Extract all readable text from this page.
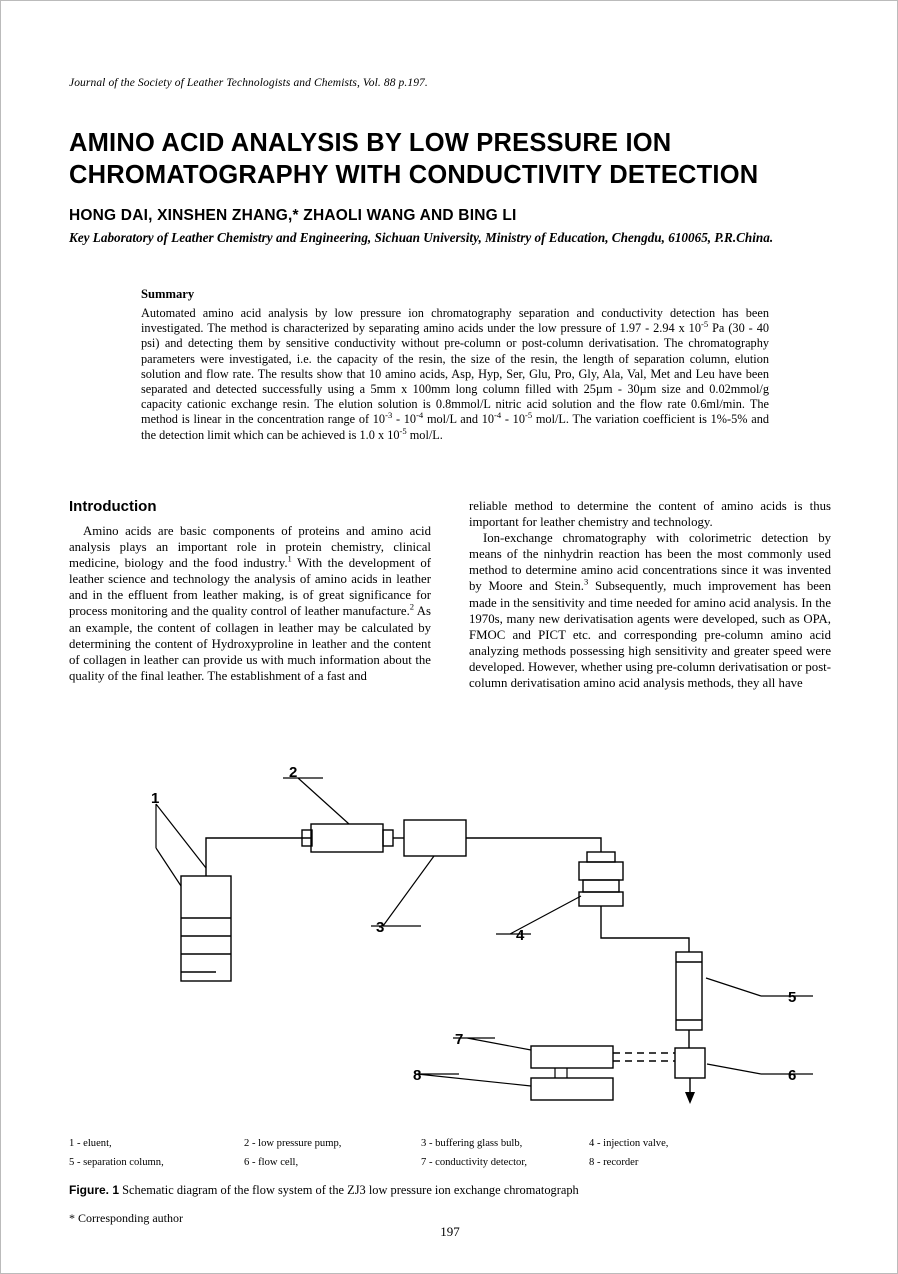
Journal of the Society of Leather Technologists and Chemists, Vol. 88 p.197.
AMINO ACID ANALYSIS BY LOW PRESSURE ION
CHROMATOGRAPHY WITH CONDUCTIVITY DETECTION
HONG DAI, XINSHEN ZHANG,* ZHAOLI WANG AND BING LI
Key Laboratory of Leather Chemistry and Engineering, Sichuan University, Ministry of Education, Chengdu, 610065, P.R.China.
Summary

Automated amino acid analysis by low pressure ion chromatography separation and conductivity detection has been investigated. The method is characterized by separating amino acids under the low pressure of 1.97 - 2.94 x $10^{-5}$ Pa (30 - 40 psi) and detecting them by sensitive conductivity without pre-column or post-column derivatisation. The chromatography parameters were investigated, i.e. the capacity of the resin, the size of the resin, the length of separation column, elution solution and flow rate. The results show that 10 amino acids, Asp, Hyp, Ser, Glu, Pro, Gly, Ala, Val, Met and Leu have been separated and detected successfully using a 5mm x 100mm long column filled with 25µm - 30µm size and 0.02mmol/g capacity cationic exchange resin. The elution solution is 0.8mmol/L nitric acid solution and the flow rate 0.6ml/min. The method is linear in the concentration range of $10^{-3} - 10^{-4}$ mol/L and $10^{-4} - 10^{-5}$ mol/L. The variation coefficient is 1%-5% and the detection limit which can be achieved is 1.0 x $10^{-5}$ mol/L.

Introduction

Amino acids are basic components of proteins and amino acid analysis plays an important role in protein chemistry, clinical medicine, biology and the food industry.$^1$ With the development of leather science and technology the analysis of amino acids in leather and in the effluent from leather making, is of great significance for process monitoring and the quality control of leather manufacture.$^2$ As an example, the content of collagen in leather may be calculated by determining the content of Hydroxyproline in leather and the content of collagen in leather can provide us with much information about the quality of the final leather. The establishment of a fast and

reliable method to determine the content of amino acids is thus important for leather chemistry and technology.

Ion-exchange chromatography with colorimetric detection by means of the ninhydrin reaction has been the most commonly used method to determine amino acid concentrations since it was invented by Moore and Stein.$^3$ Subsequently, much improvement has been made in the sensitivity and time needed for amino acid analysis. In the 1970s, many new derivatisation agents were developed, such as OPA, FMOC and PICT etc. and corresponding pre-column amino acid analyzing methods possessing high sensitivity and greater speed were developed. However, whether using pre-column derivatisation or post-column derivatisation amino acid analysis methods, they all have

1
2
3	4
5
6
7
8
1 - eluent,	2 - low pressure pump,	3 - buffering glass bulb,	4 - injection valve,
5 - separation column,	6 - flow cell,	7 - conductivity detector,	8 - recorder
Figure. 1 Schematic diagram of the flow system of the ZJ3 low pressure ion exchange chromatograph
* Corresponding author
197
